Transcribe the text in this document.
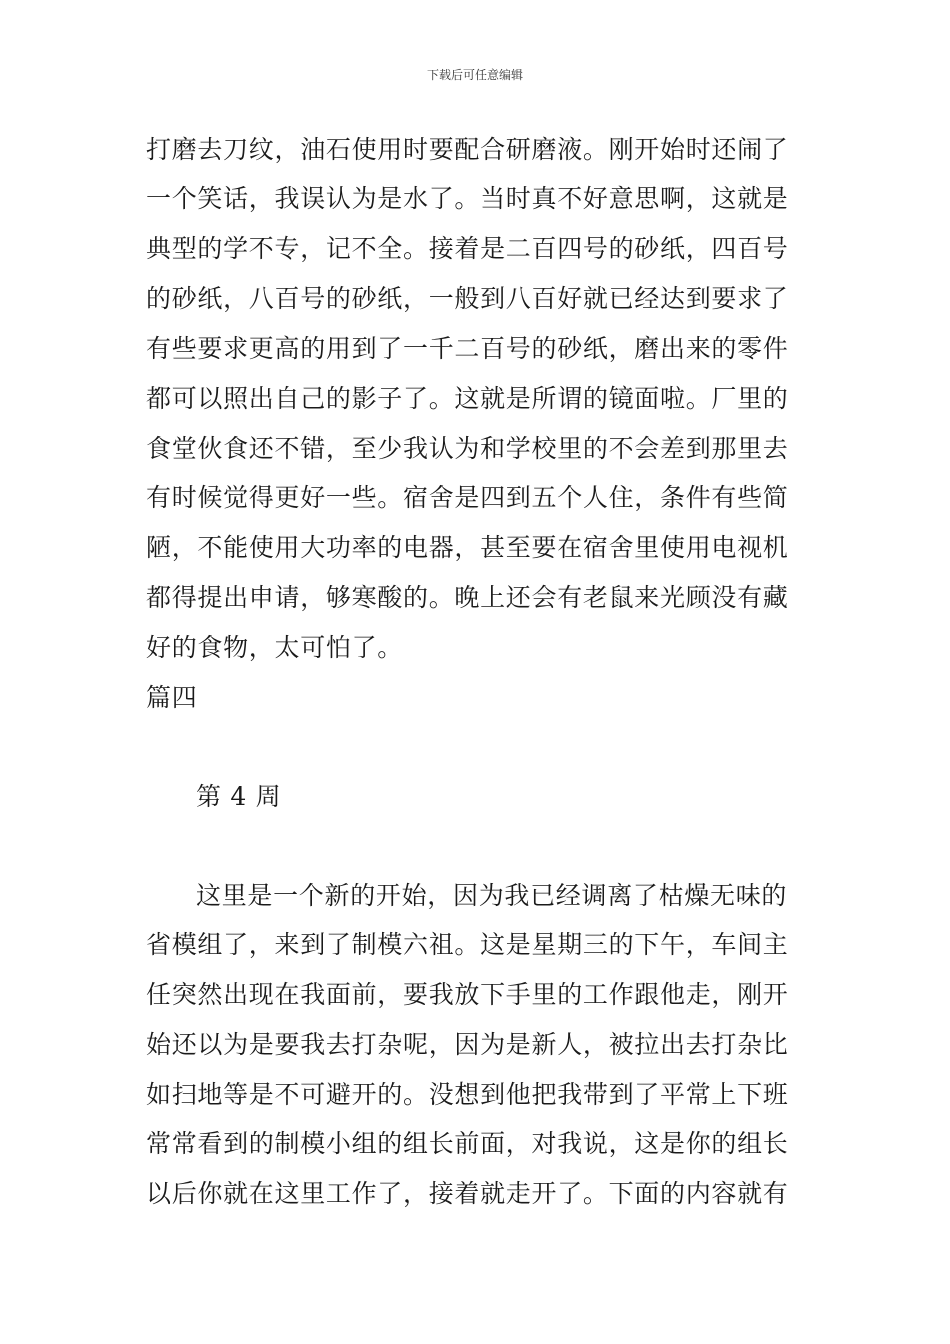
下载后可任意编辑
打磨去刀纹，油石使用时要配合研磨液。刚开始时还闹了
一个笑话，我误认为是水了。当时真不好意思啊，这就是
典型的学不专，记不全。接着是二百四号的砂纸，四百号
的砂纸，八百号的砂纸，一般到八百好就已经达到要求了
有些要求更高的用到了一千二百号的砂纸，磨出来的零件
都可以照出自己的影子了。这就是所谓的镜面啦。厂里的
食堂伙食还不错，至少我认为和学校里的不会差到那里去
有时候觉得更好一些。宿舍是四到五个人住，条件有些简
陋，不能使用大功率的电器，甚至要在宿舍里使用电视机
都得提出申请，够寒酸的。晚上还会有老鼠来光顾没有藏
好的食物，太可怕了。
篇四
第 4 周
这里是一个新的开始，因为我已经调离了枯燥无味的
省模组了，来到了制模六祖。这是星期三的下午，车间主
任突然出现在我面前，要我放下手里的工作跟他走，刚开
始还以为是要我去打杂呢，因为是新人，被拉出去打杂比
如扫地等是不可避开的。没想到他把我带到了平常上下班
常常看到的制模小组的组长前面，对我说，这是你的组长
以后你就在这里工作了，接着就走开了。下面的内容就有
